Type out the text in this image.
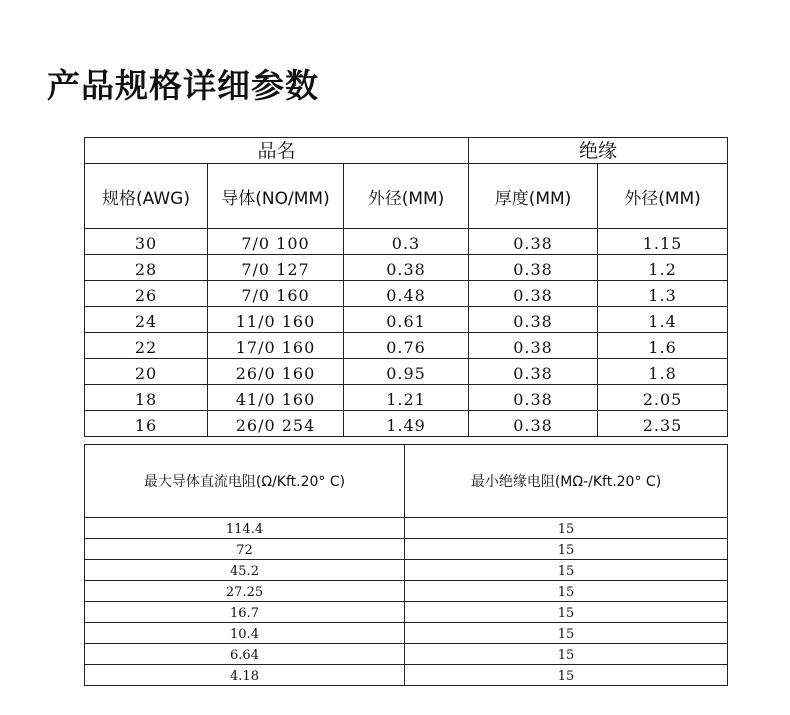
产品规格详细参数
品名			绝缘	
规格(AWG)	导体(NO/MM)	外径(MM)	厚度(MM)	外径(MM)
30	7/0 100	0.3	0.38	1.15
28	7/0 127	0.38	0.38	1.2
26	7/0 160	0.48	0.38	1.3
24	11/0 160	0.61	0.38	1.4
22	17/0 160	0.76	0.38	1.6
20	26/0 160	0.95	0.38	1.8
18	41/0 160	1.21	0.38	2.05
16	26/0 254	1.49	0.38	2.35
最大导体直流电阻(Ω/Kft.20° C)	最小绝缘电阻(MΩ-/Kft.20° C)
114.4	15
72	15
45.2	15
27.25	15
16.7	15
10.4	15
6.64	15
4.18	15
